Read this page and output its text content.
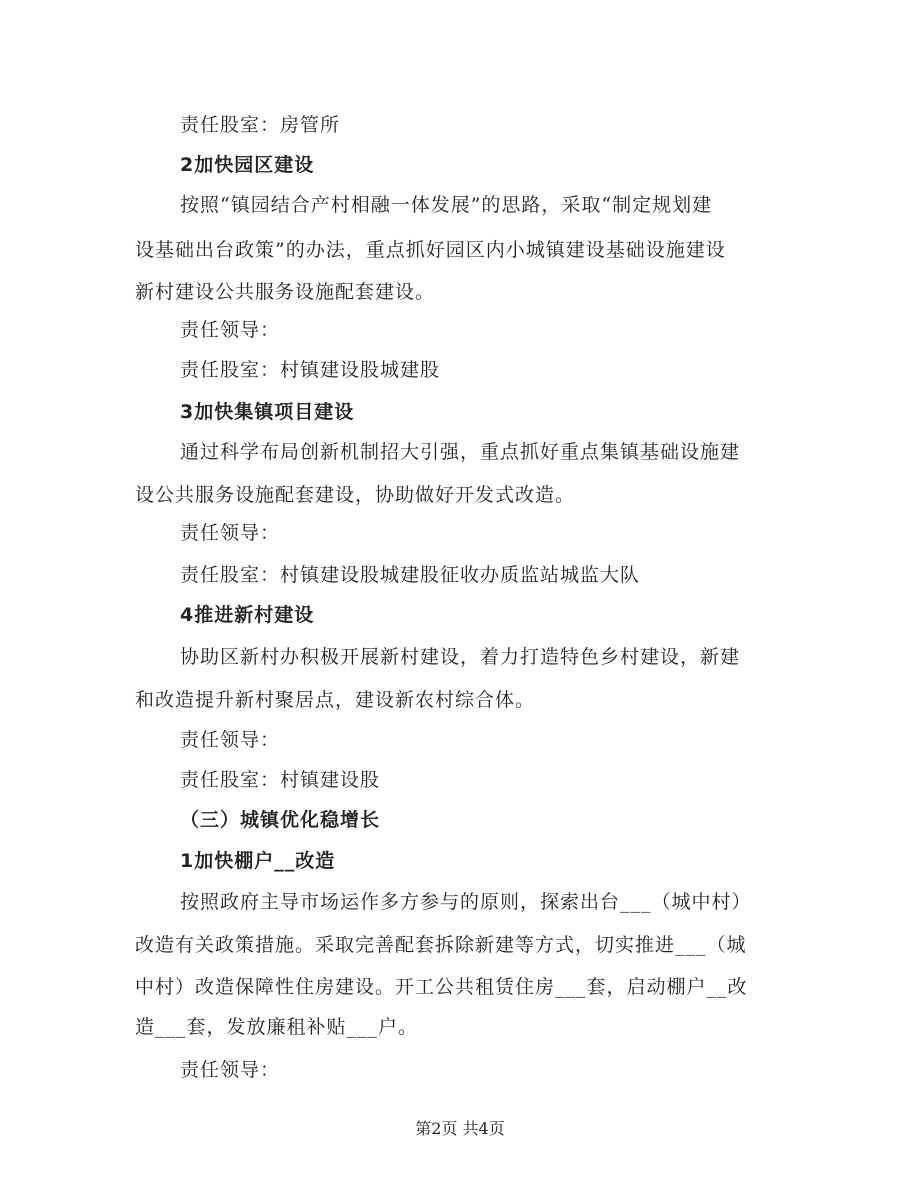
责任股室：房管所
2加快园区建设
按照“镇园结合产村相融一体发展”的思路，采取“制定规划建
设基础出台政策”的办法，重点抓好园区内小城镇建设基础设施建设
新村建设公共服务设施配套建设。
责任领导：
责任股室：村镇建设股城建股
3加快集镇项目建设
通过科学布局创新机制招大引强，重点抓好重点集镇基础设施建
设公共服务设施配套建设，协助做好开发式改造。
责任领导：
责任股室：村镇建设股城建股征收办质监站城监大队
4推进新村建设
协助区新村办积极开展新村建设，着力打造特色乡村建设，新建
和改造提升新村聚居点，建设新农村综合体。
责任领导：
责任股室：村镇建设股
（三）城镇优化稳增长
1加快棚户__改造
按照政府主导市场运作多方参与的原则，探索出台___（城中村）
改造有关政策措施。采取完善配套拆除新建等方式，切实推进___（城
中村）改造保障性住房建设。开工公共租赁住房___套，启动棚户__改
造___套，发放廉租补贴___户。
责任领导：
第2页 共4页
